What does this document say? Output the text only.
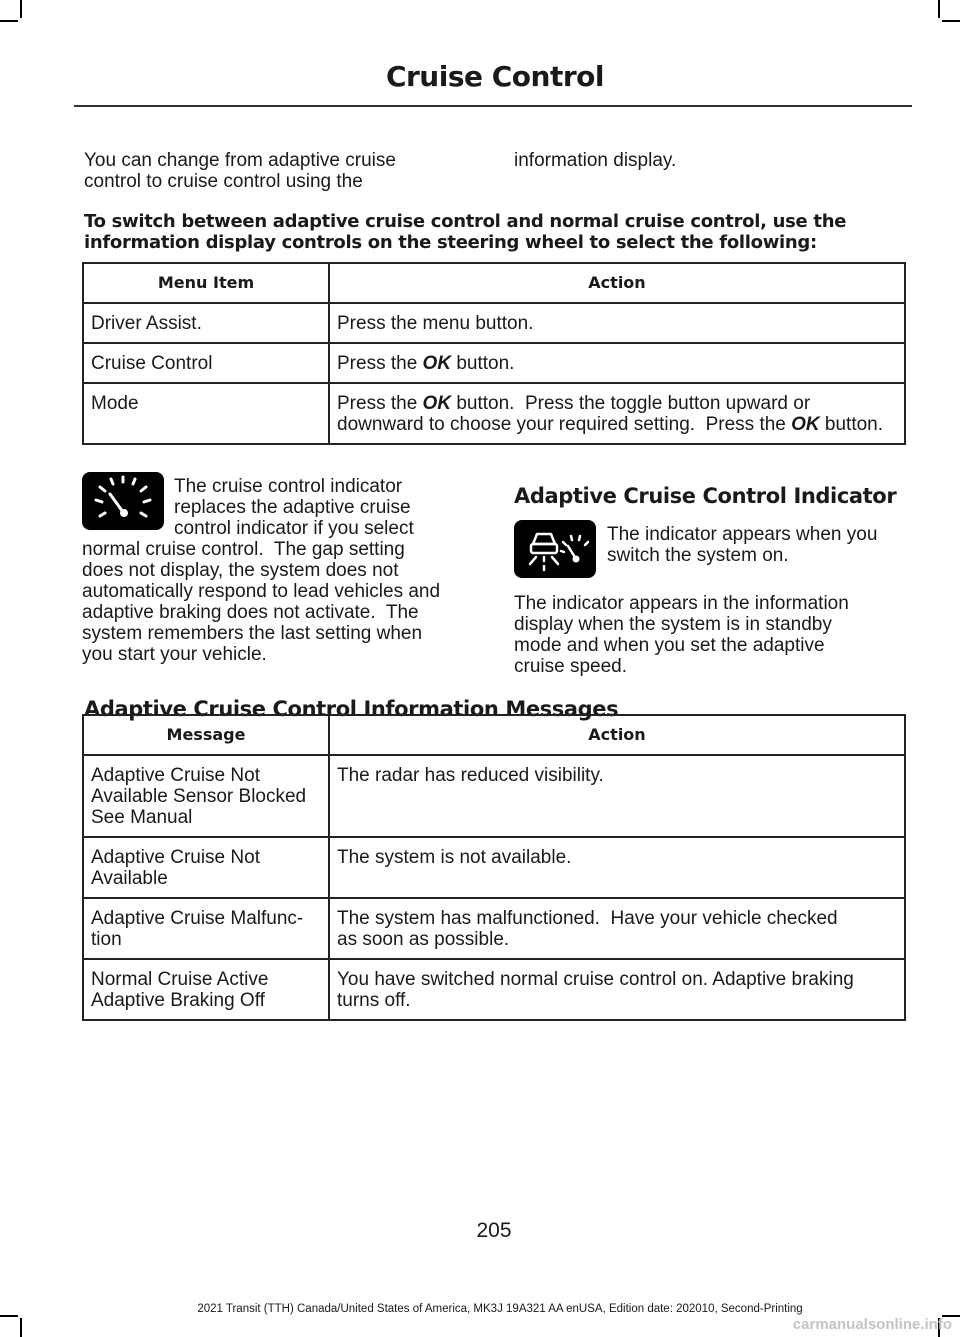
Cruise Control
You can change from adaptive cruise control to cruise control using the
information display.
To switch between adaptive cruise control and normal cruise control, use the information display controls on the steering wheel to select the following:
Menu Item	Action
Driver Assist.	Press the menu button.
Cruise Control	Press the OK button.
Mode	Press the OK button.  Press the toggle button upward or downward to choose your required setting.  Press the OK button.
The cruise control indicator
replaces the adaptive cruise
control indicator if you select
normal cruise control.  The gap setting
does not display, the system does not
automatically respond to lead vehicles and
adaptive braking does not activate.  The
system remembers the last setting when
you start your vehicle.
Adaptive Cruise Control Indicator
The indicator appears when you
switch the system on.
The indicator appears in the information
display when the system is in standby
mode and when you set the adaptive
cruise speed.
Adaptive Cruise Control Information Messages
Message	Action
Adaptive Cruise Not
Available Sensor Blocked
See Manual	The radar has reduced visibility.
Adaptive Cruise Not
Available	The system is not available.
Adaptive Cruise Malfunc-
tion	The system has malfunctioned.  Have your vehicle checked
as soon as possible.
Normal Cruise Active
Adaptive Braking Off	You have switched normal cruise control on. Adaptive braking
turns off.
205
2021 Transit (TTH) Canada/United States of America, MK3J 19A321 AA enUSA, Edition date: 202010, Second-Printing
carmanualsonline.info
